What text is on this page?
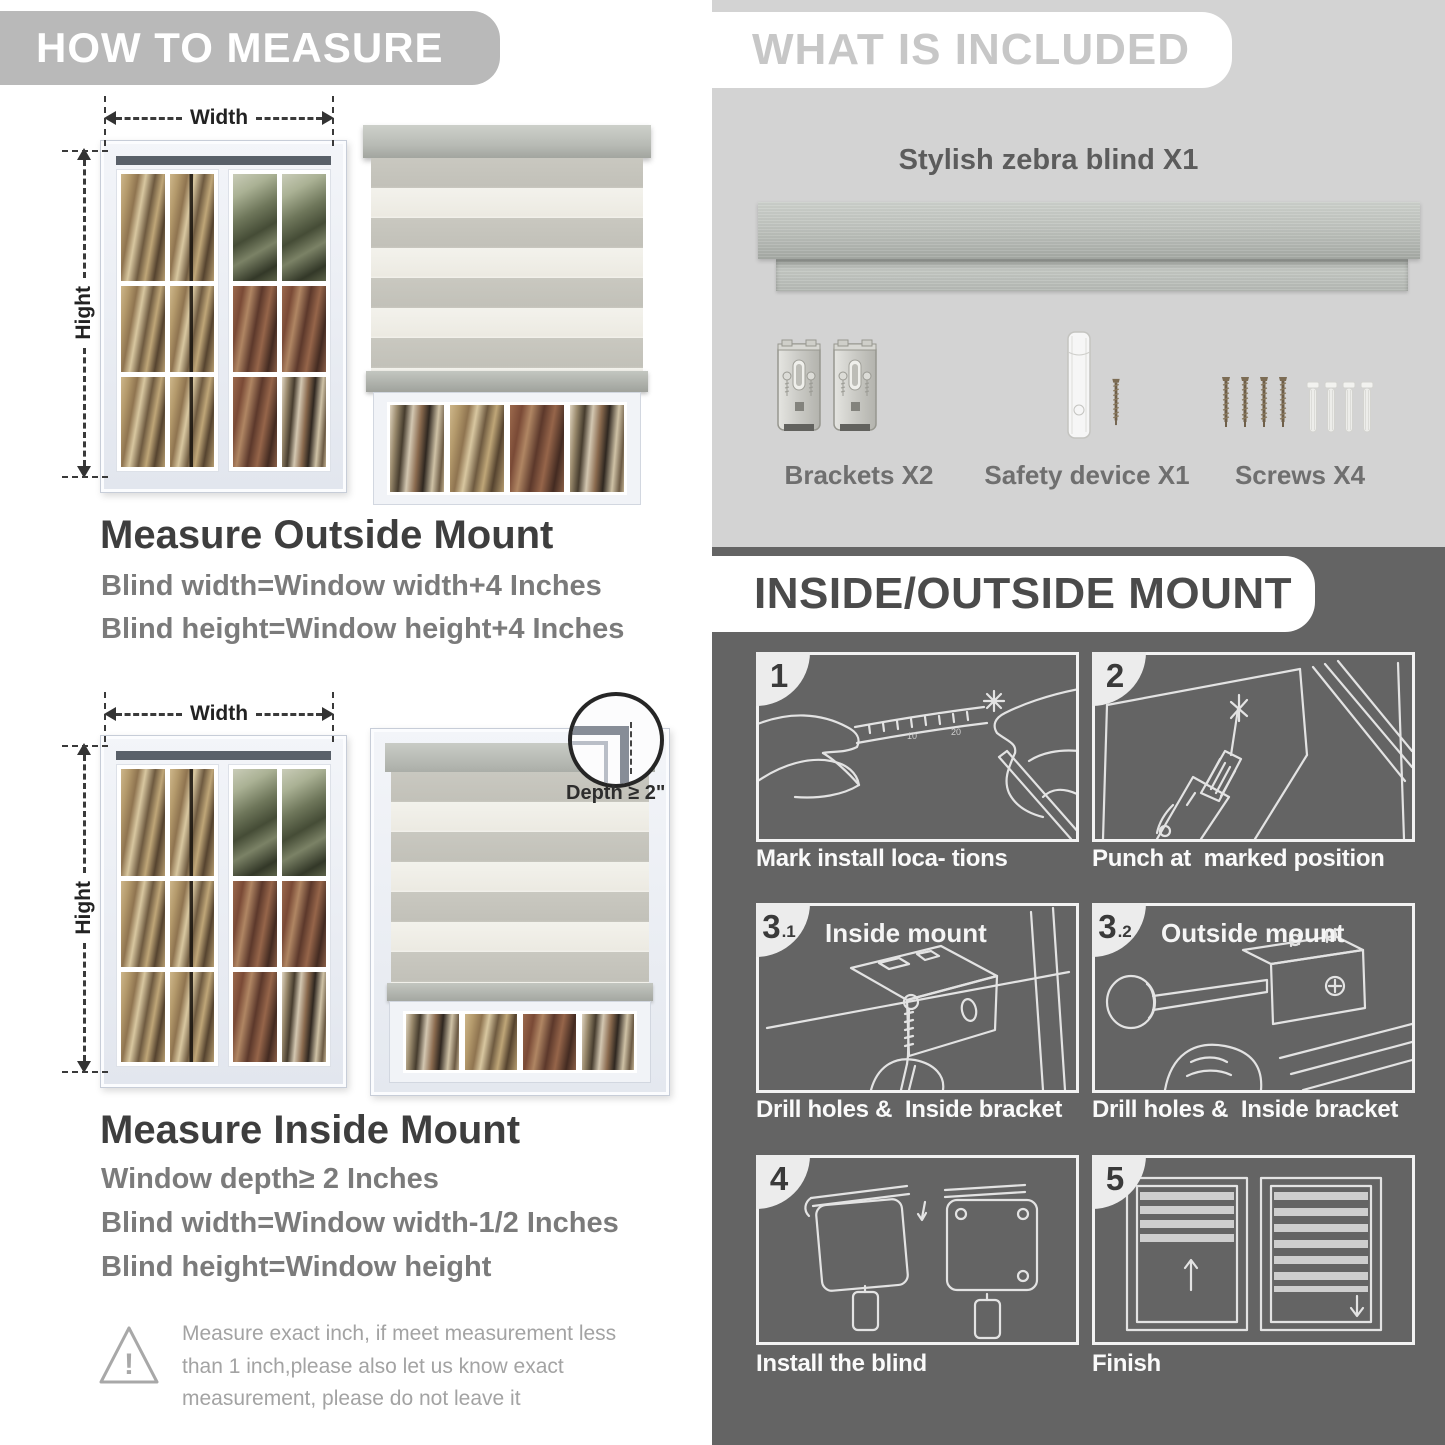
HOW TO MEASURE
Width
Hight
Measure Outside Mount
Blind width=Window width+4 Inches
Blind height=Window height+4 Inches
Width
Hight
Depth ≥ 2"
Measure Inside Mount
Window depth≥ 2 Inches
Blind width=Window width-1/2 Inches
Blind height=Window height
!
Measure exact inch, if meet measurement less than 1 inch,please also let us know exact measurement, please do not leave it
WHAT IS INCLUDED
Stylish zebra blind X1
Brackets X2	Safety device X1	Screws X4
INSIDE/OUTSIDE MOUNT
1
10	20
Mark install loca- tions
2
Punch at  marked position
3 .1 Inside mount
Drill holes &  Inside bracket
3 .2 Outside mount
Drill holes &  Inside bracket
4
Install the blind
5
Finish
